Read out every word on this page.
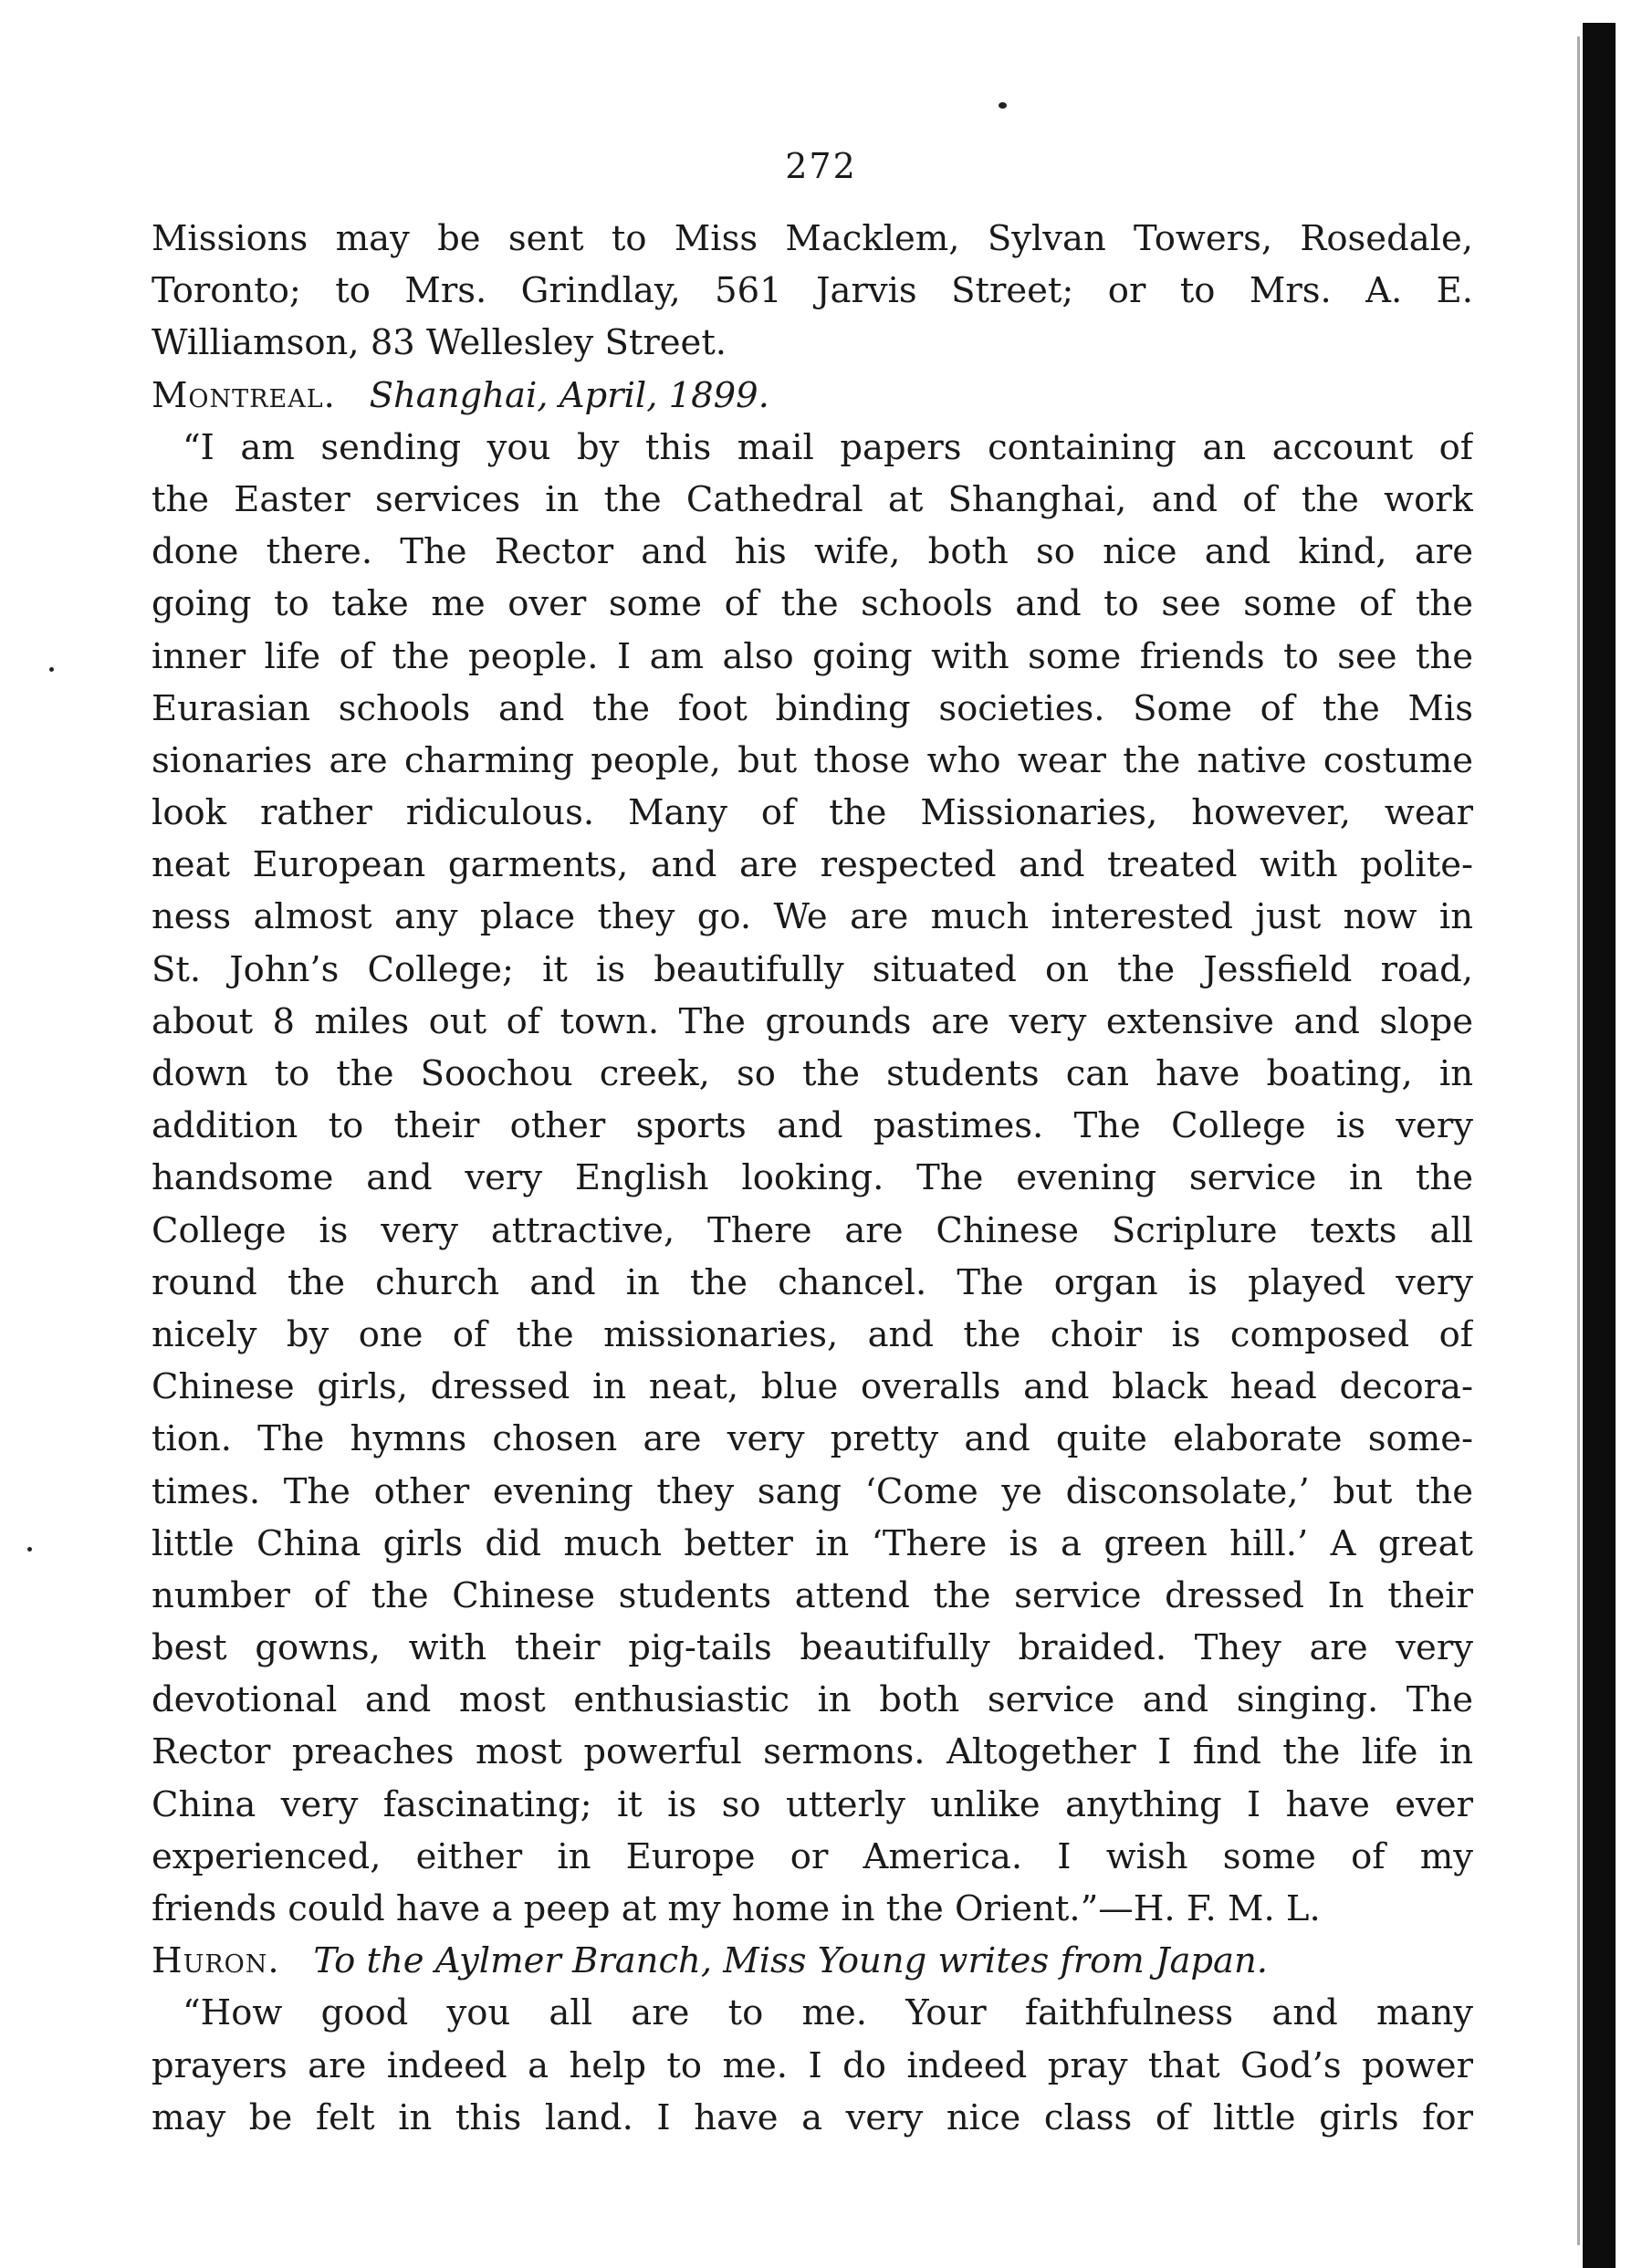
272
Missions may be sent to Miss Macklem, Sylvan Towers, Rosedale,
Toronto; to Mrs. Grindlay, 561 Jarvis Street; or to Mrs. A. E.
Williamson, 83 Wellesley Street.
Montreal. Shanghai, April, 1899.
“I am sending you by this mail papers containing an account of
the Easter services in the Cathedral at Shanghai, and of the work
done there. The Rector and his wife, both so nice and kind, are
going to take me over some of the schools and to see some of the
inner life of the people. I am also going with some friends to see the
Eurasian schools and the foot binding societies. Some of the Mis
sionaries are charming people, but those who wear the native costume
look rather ridiculous. Many of the Missionaries, however, wear
neat European garments, and are respected and treated with polite-
ness almost any place they go. We are much interested just now in
St. John’s College; it is beautifully situated on the Jessfield road,
about 8 miles out of town. The grounds are very extensive and slope
down to the Soochou creek, so the students can have boating, in
addition to their other sports and pastimes. The College is very
handsome and very English looking. The evening service in the
College is very attractive, There are Chinese Scriplure texts all
round the church and in the chancel. The organ is played very
nicely by one of the missionaries, and the choir is composed of
Chinese girls, dressed in neat, blue overalls and black head decora-
tion. The hymns chosen are very pretty and quite elaborate some-
times. The other evening they sang ‘Come ye disconsolate,’ but the
little China girls did much better in ‘There is a green hill.’ A great
number of the Chinese students attend the service dressed In their
best gowns, with their pig-tails beautifully braided. They are very
devotional and most enthusiastic in both service and singing. The
Rector preaches most powerful sermons. Altogether I find the life in
China very fascinating; it is so utterly unlike anything I have ever
experienced, either in Europe or America. I wish some of my
friends could have a peep at my home in the Orient.”—H. F. M. L.
Huron. To the Aylmer Branch, Miss Young writes from Japan.
“How good you all are to me. Your faithfulness and many
prayers are indeed a help to me. I do indeed pray that God’s power
may be felt in this land. I have a very nice class of little girls for
